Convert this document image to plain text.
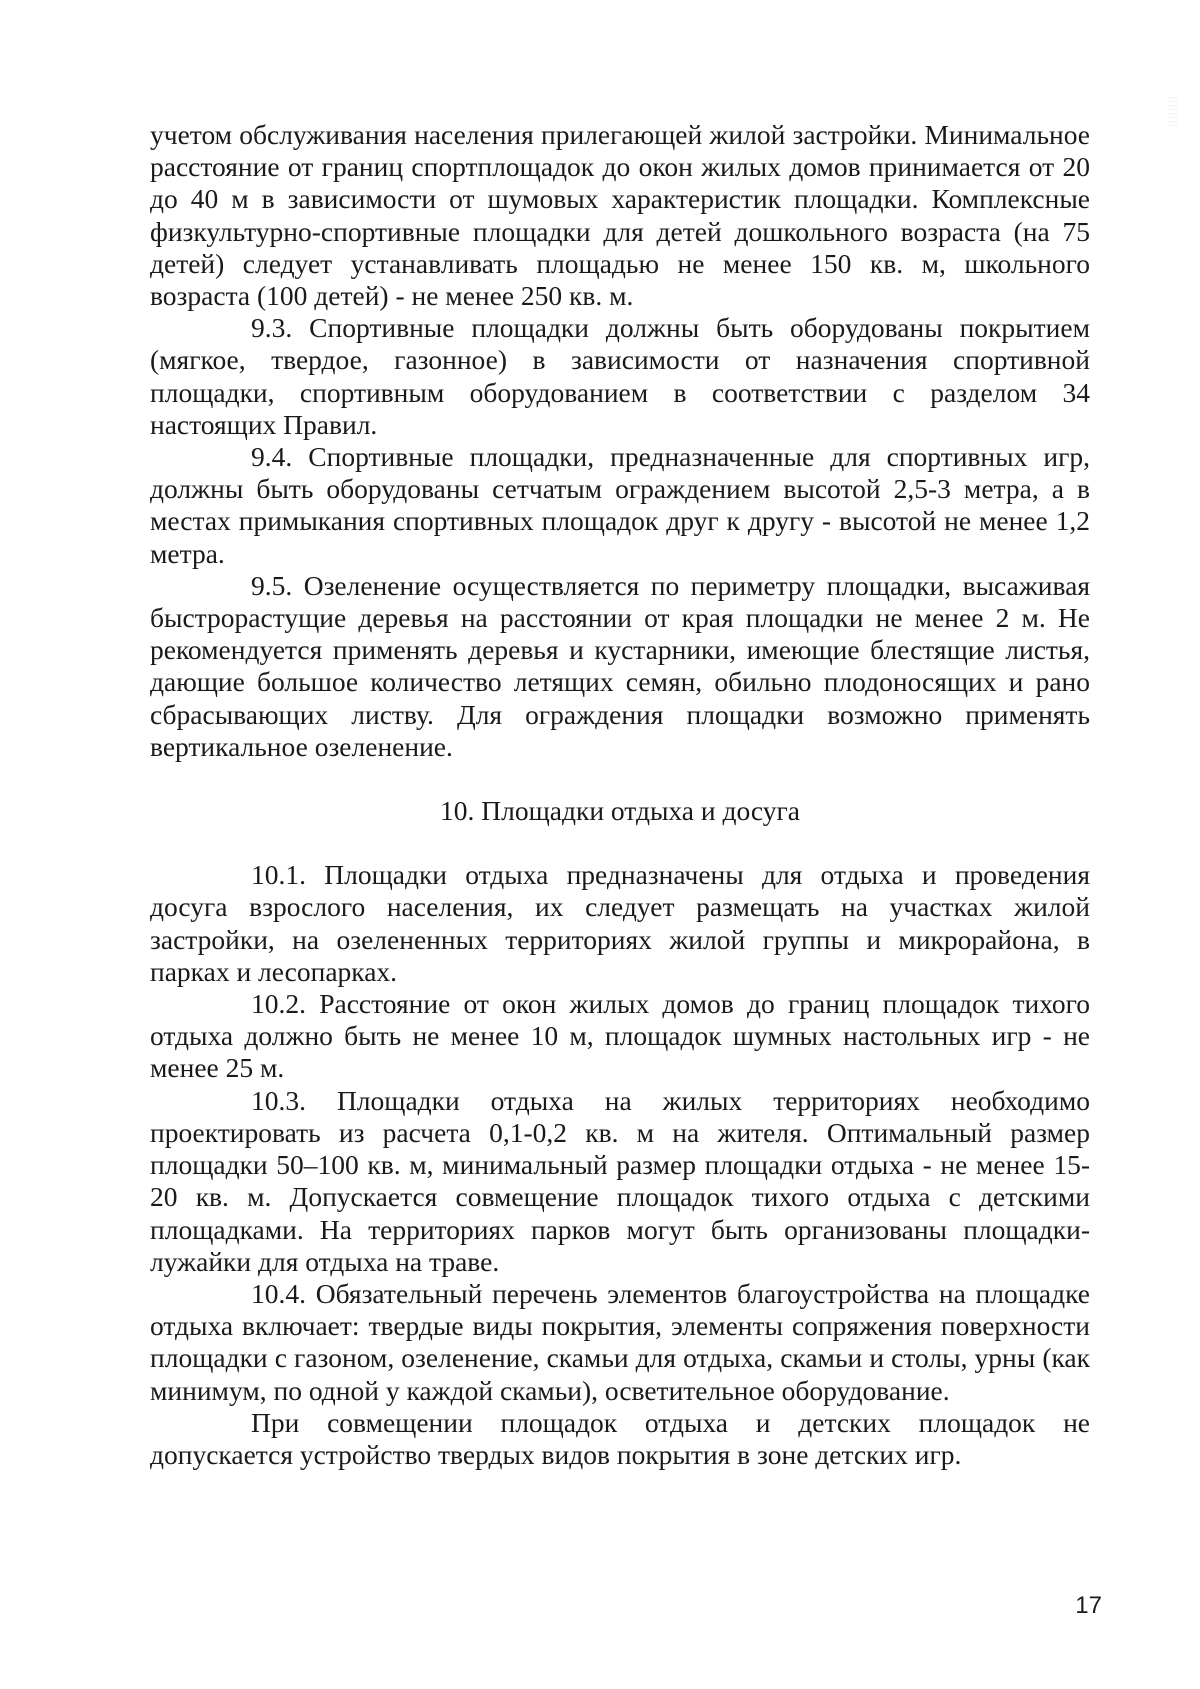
учетом обслуживания населения прилегающей жилой застройки. Минимальное расстояние от границ спортплощадок до окон жилых домов принимается от 20 до 40 м в зависимости от шумовых характеристик площадки. Комплексные физкультурно-спортивные площадки для детей дошкольного возраста (на 75 детей) следует устанавливать площадью не менее 150 кв. м, школьного возраста (100 детей) - не менее 250 кв. м.

9.3. Спортивные площадки должны быть оборудованы покрытием (мягкое, твердое, газонное) в зависимости от назначения спортивной площадки, спортивным оборудованием в соответствии с разделом 34 настоящих Правил.

9.4. Спортивные площадки, предназначенные для спортивных игр, должны быть оборудованы сетчатым ограждением высотой 2,5-3 метра, а в местах примыкания спортивных площадок друг к другу - высотой не менее 1,2 метра.

9.5. Озеленение осуществляется по периметру площадки, высаживая быстрорастущие деревья на расстоянии от края площадки не менее 2 м. Не рекомендуется применять деревья и кустарники, имеющие блестящие листья, дающие большое количество летящих семян, обильно плодоносящих и рано сбрасывающих листву. Для ограждения площадки возможно применять вертикальное озеленение.

10. Площадки отдыха и досуга

10.1. Площадки отдыха предназначены для отдыха и проведения досуга взрослого населения, их следует размещать на участках жилой застройки, на озелененных территориях жилой группы и микрорайона, в парках и лесопарках.

10.2. Расстояние от окон жилых домов до границ площадок тихого отдыха должно быть не менее 10 м, площадок шумных настольных игр - не менее 25 м.

10.3. Площадки отдыха на жилых территориях необходимо проектировать из расчета 0,1-0,2 кв. м на жителя. Оптимальный размер площадки 50–100 кв. м, минимальный размер площадки отдыха - не менее 15-20 кв. м. Допускается совмещение площадок тихого отдыха с детскими площадками. На территориях парков могут быть организованы площадки-лужайки для отдыха на траве.

10.4. Обязательный перечень элементов благоустройства на площадке отдыха включает: твердые виды покрытия, элементы сопряжения поверхности площадки с газоном, озеленение, скамьи для отдыха, скамьи и столы, урны (как минимум, по одной у каждой скамьи), осветительное оборудование.

При совмещении площадок отдыха и детских площадок не допускается устройство твердых видов покрытия в зоне детских игр.

17
